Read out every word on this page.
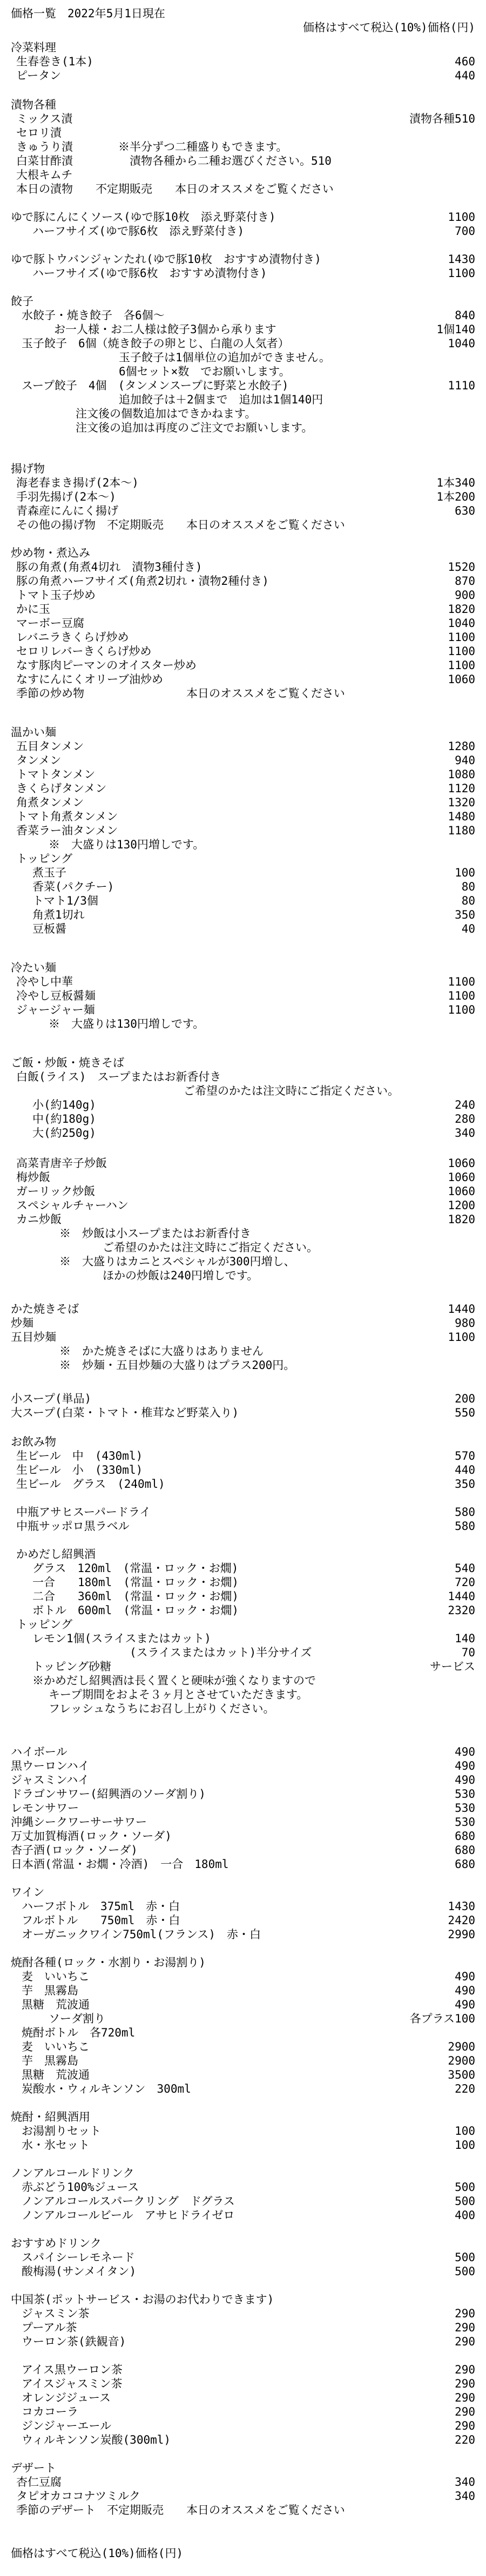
価格一覧　2022年5月1日現在

価格はすべて税込(10%)価格(円)

冷菜料理
生春巻き(1本)	460
ピータン	440
漬物各種
ミックス漬	漬物各種510
セロリ漬
きゅうり漬　　　　※半分ずつ二種盛りもできます。
白菜甘酢漬　　　　　漬物各種から二種お選びください。510
大根キムチ
本日の漬物　　不定期販売　　本日のオススメをご覧ください
ゆで豚にんにくソース(ゆで豚10枚　添え野菜付き)	1100
ハーフサイズ(ゆで豚6枚　添え野菜付き)	700
ゆで豚トウバンジャンたれ(ゆで豚10枚　おすすめ漬物付き)	1430
ハーフサイズ(ゆで豚6枚　おすすめ漬物付き)	1100
餃子
水餃子・焼き餃子　各6個～	840
お一人様・お二人様は餃子3個から承ります	1個140
玉子餃子　6個（焼き餃子の卵とじ、白龍の人気者）	1040
玉子餃子は1個単位の追加ができません。
6個セット×数　でお願いします。
スープ餃子　4個　(タンメンスープに野菜と水餃子)	1110
追加餃子は＋2個まで　追加は1個140円
注文後の個数追加はできかねます。
注文後の追加は再度のご注文でお願いします。
揚げ物
海老春まき揚げ(2本～)	1本340
手羽先揚げ(2本～)	1本200
青森産にんにく揚げ	630
その他の揚げ物　不定期販売　　本日のオススメをご覧ください
炒め物・煮込み
豚の角煮(角煮4切れ　漬物3種付き)	1520
豚の角煮ハーフサイズ(角煮2切れ・漬物2種付き)	870
トマト玉子炒め	900
かに玉	1820
マーボー豆腐	1040
レバニラきくらげ炒め	1100
セロリレバーきくらげ炒め	1100
なす豚肉ピーマンのオイスター炒め	1100
なすにんにくオリーブ油炒め	1060
季節の炒め物　　　　　　　　　本日のオススメをご覧ください
温かい麺
五目タンメン	1280
タンメン	940
トマトタンメン	1080
きくらげタンメン	1120
角煮タンメン	1320
トマト角煮タンメン	1480
香菜ラー油タンメン	1180
※　大盛りは130円増しです。
トッピング
煮玉子	100
香菜(パクチー)	80
トマト1/3個	80
角煮1切れ	350
豆板醤	40
冷たい麺
冷やし中華	1100
冷やし豆板醤麺	1100
ジャージャー麺	1100
※　大盛りは130円増しです。
ご飯・炒飯・焼きそば
白飯(ライス)　スープまたはお新香付き
ご希望のかたは注文時にご指定ください。
小(約140g)	240
中(約180g)	280
大(約250g)	340
高菜青唐辛子炒飯	1060
梅炒飯	1060
ガーリック炒飯	1060
スペシャルチャーハン	1200
カニ炒飯	1820
※　炒飯は小スープまたはお新香付き
ご希望のかたは注文時にご指定ください。
※　大盛りはカニとスペシャルが300円増し、
ほかの炒飯は240円増しです。
かた焼きそば	1440
炒麺	980
五目炒麺	1100
※　かた焼きそばに大盛りはありません
※　炒麺・五目炒麺の大盛りはプラス200円。
小スープ(単品)	200
大スープ(白菜・トマト・椎茸など野菜入り)	550
お飲み物
生ビール　中　(430ml)	570
生ビール　小　(330ml)	440
生ビール　グラス　(240ml)	350
中瓶アサヒスーパードライ	580
中瓶サッポロ黒ラベル	580
かめだし紹興酒
グラス　120ml　(常温・ロック・お燗)	540
一合　　180ml　(常温・ロック・お燗)	720
二合　　360ml　(常温・ロック・お燗)	1440
ボトル　600ml　(常温・ロック・お燗)	2320
トッピング
レモン1個(スライスまたはカット)	140
(スライスまたはカット)半分サイズ	70
トッピング砂糖	サービス
※かめだし紹興酒は長く置くと硬味が強くなりますので
キープ期間をおよそ３ヶ月とさせていただきます。
フレッシュなうちにお召し上がりください。
ハイボール	490
黒ウーロンハイ	490
ジャスミンハイ	490
ドラゴンサワー(紹興酒のソーダ割り)	530
レモンサワー	530
沖縄シークワーサーサワー	530
万丈加賀梅酒(ロック・ソーダ)	680
杏子酒(ロック・ソーダ)	680
日本酒(常温・お燗・冷酒)　一合　180ml	680
ワイン
ハーフボトル　375ml　赤・白	1430
フルボトル　　750ml　赤・白	2420
オーガニックワイン750ml(フランス)　赤・白	2990
焼酎各種(ロック・水割り・お湯割り)
麦　いいちこ	490
芋　黒霧島	490
黒糖　荒波通	490
ソーダ割り	各プラス100
焼酎ボトル　各720ml
麦　いいちこ	2900
芋　黒霧島	2900
黒糖　荒波通	3500
炭酸水・ウィルキンソン　300ml	220
焼酎・紹興酒用
お湯割りセット	100
水・氷セット	100
ノンアルコールドリンク
赤ぶどう100%ジュース	500
ノンアルコールスパークリング　ドグラス	500
ノンアルコールビール　アサヒドライゼロ	400
おすすめドリンク
スパイシーレモネード	500
酸梅湯(サンメイタン)	500
中国茶(ポットサービス・お湯のお代わりできます)
ジャスミン茶	290
プーアル茶	290
ウーロン茶(鉄観音)	290
アイス黒ウーロン茶	290
アイスジャスミン茶	290
オレンジジュース	290
コカコーラ	290
ジンジャーエール	290
ウィルキンソン炭酸(300ml)	220
デザート
杏仁豆腐	340
タピオカココナツミルク	340
季節のデザート　不定期販売　　本日のオススメをご覧ください
価格はすべて税込(10%)価格(円)
